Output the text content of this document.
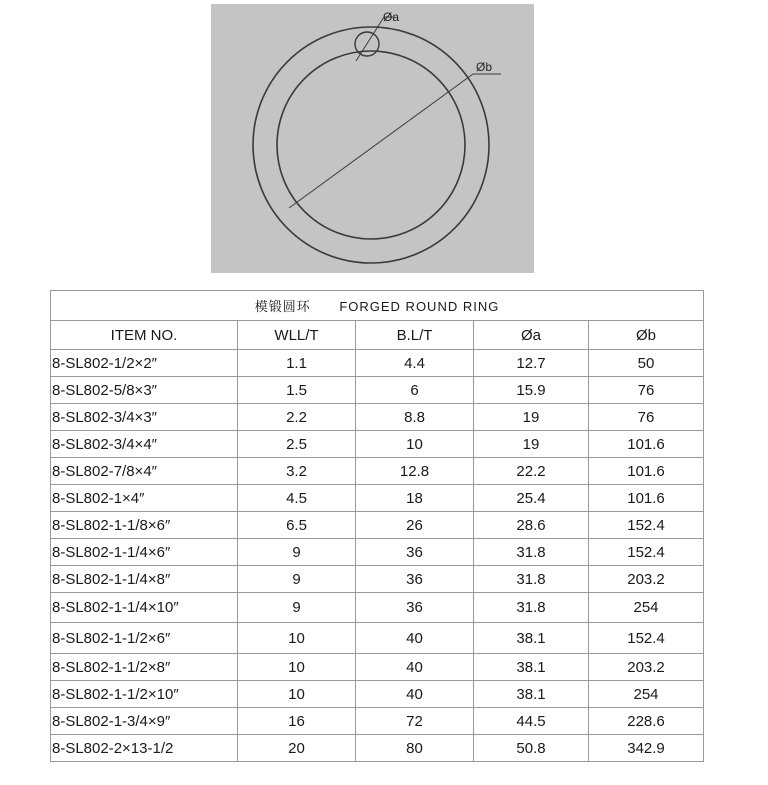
Øa
Øb
模锻圆环 FORGED ROUND RING				
ITEM NO.	WLL/T	B.L/T	Øa	Øb
8-SL802-1/2×2″	1.1	4.4	12.7	50
8-SL802-5/8×3″	1.5	6	15.9	76
8-SL802-3/4×3″	2.2	8.8	19	76
8-SL802-3/4×4″	2.5	10	19	101.6
8-SL802-7/8×4″	3.2	12.8	22.2	101.6
8-SL802-1×4″	4.5	18	25.4	101.6
8-SL802-1-1/8×6″	6.5	26	28.6	152.4
8-SL802-1-1/4×6″	9	36	31.8	152.4
8-SL802-1-1/4×8″	9	36	31.8	203.2
8-SL802-1-1/4×10″	9	36	31.8	254
8-SL802-1-1/2×6″	10	40	38.1	152.4
8-SL802-1-1/2×8″	10	40	38.1	203.2
8-SL802-1-1/2×10″	10	40	38.1	254
8-SL802-1-3/4×9″	16	72	44.5	228.6
8-SL802-2×13-1/2	20	80	50.8	342.9
